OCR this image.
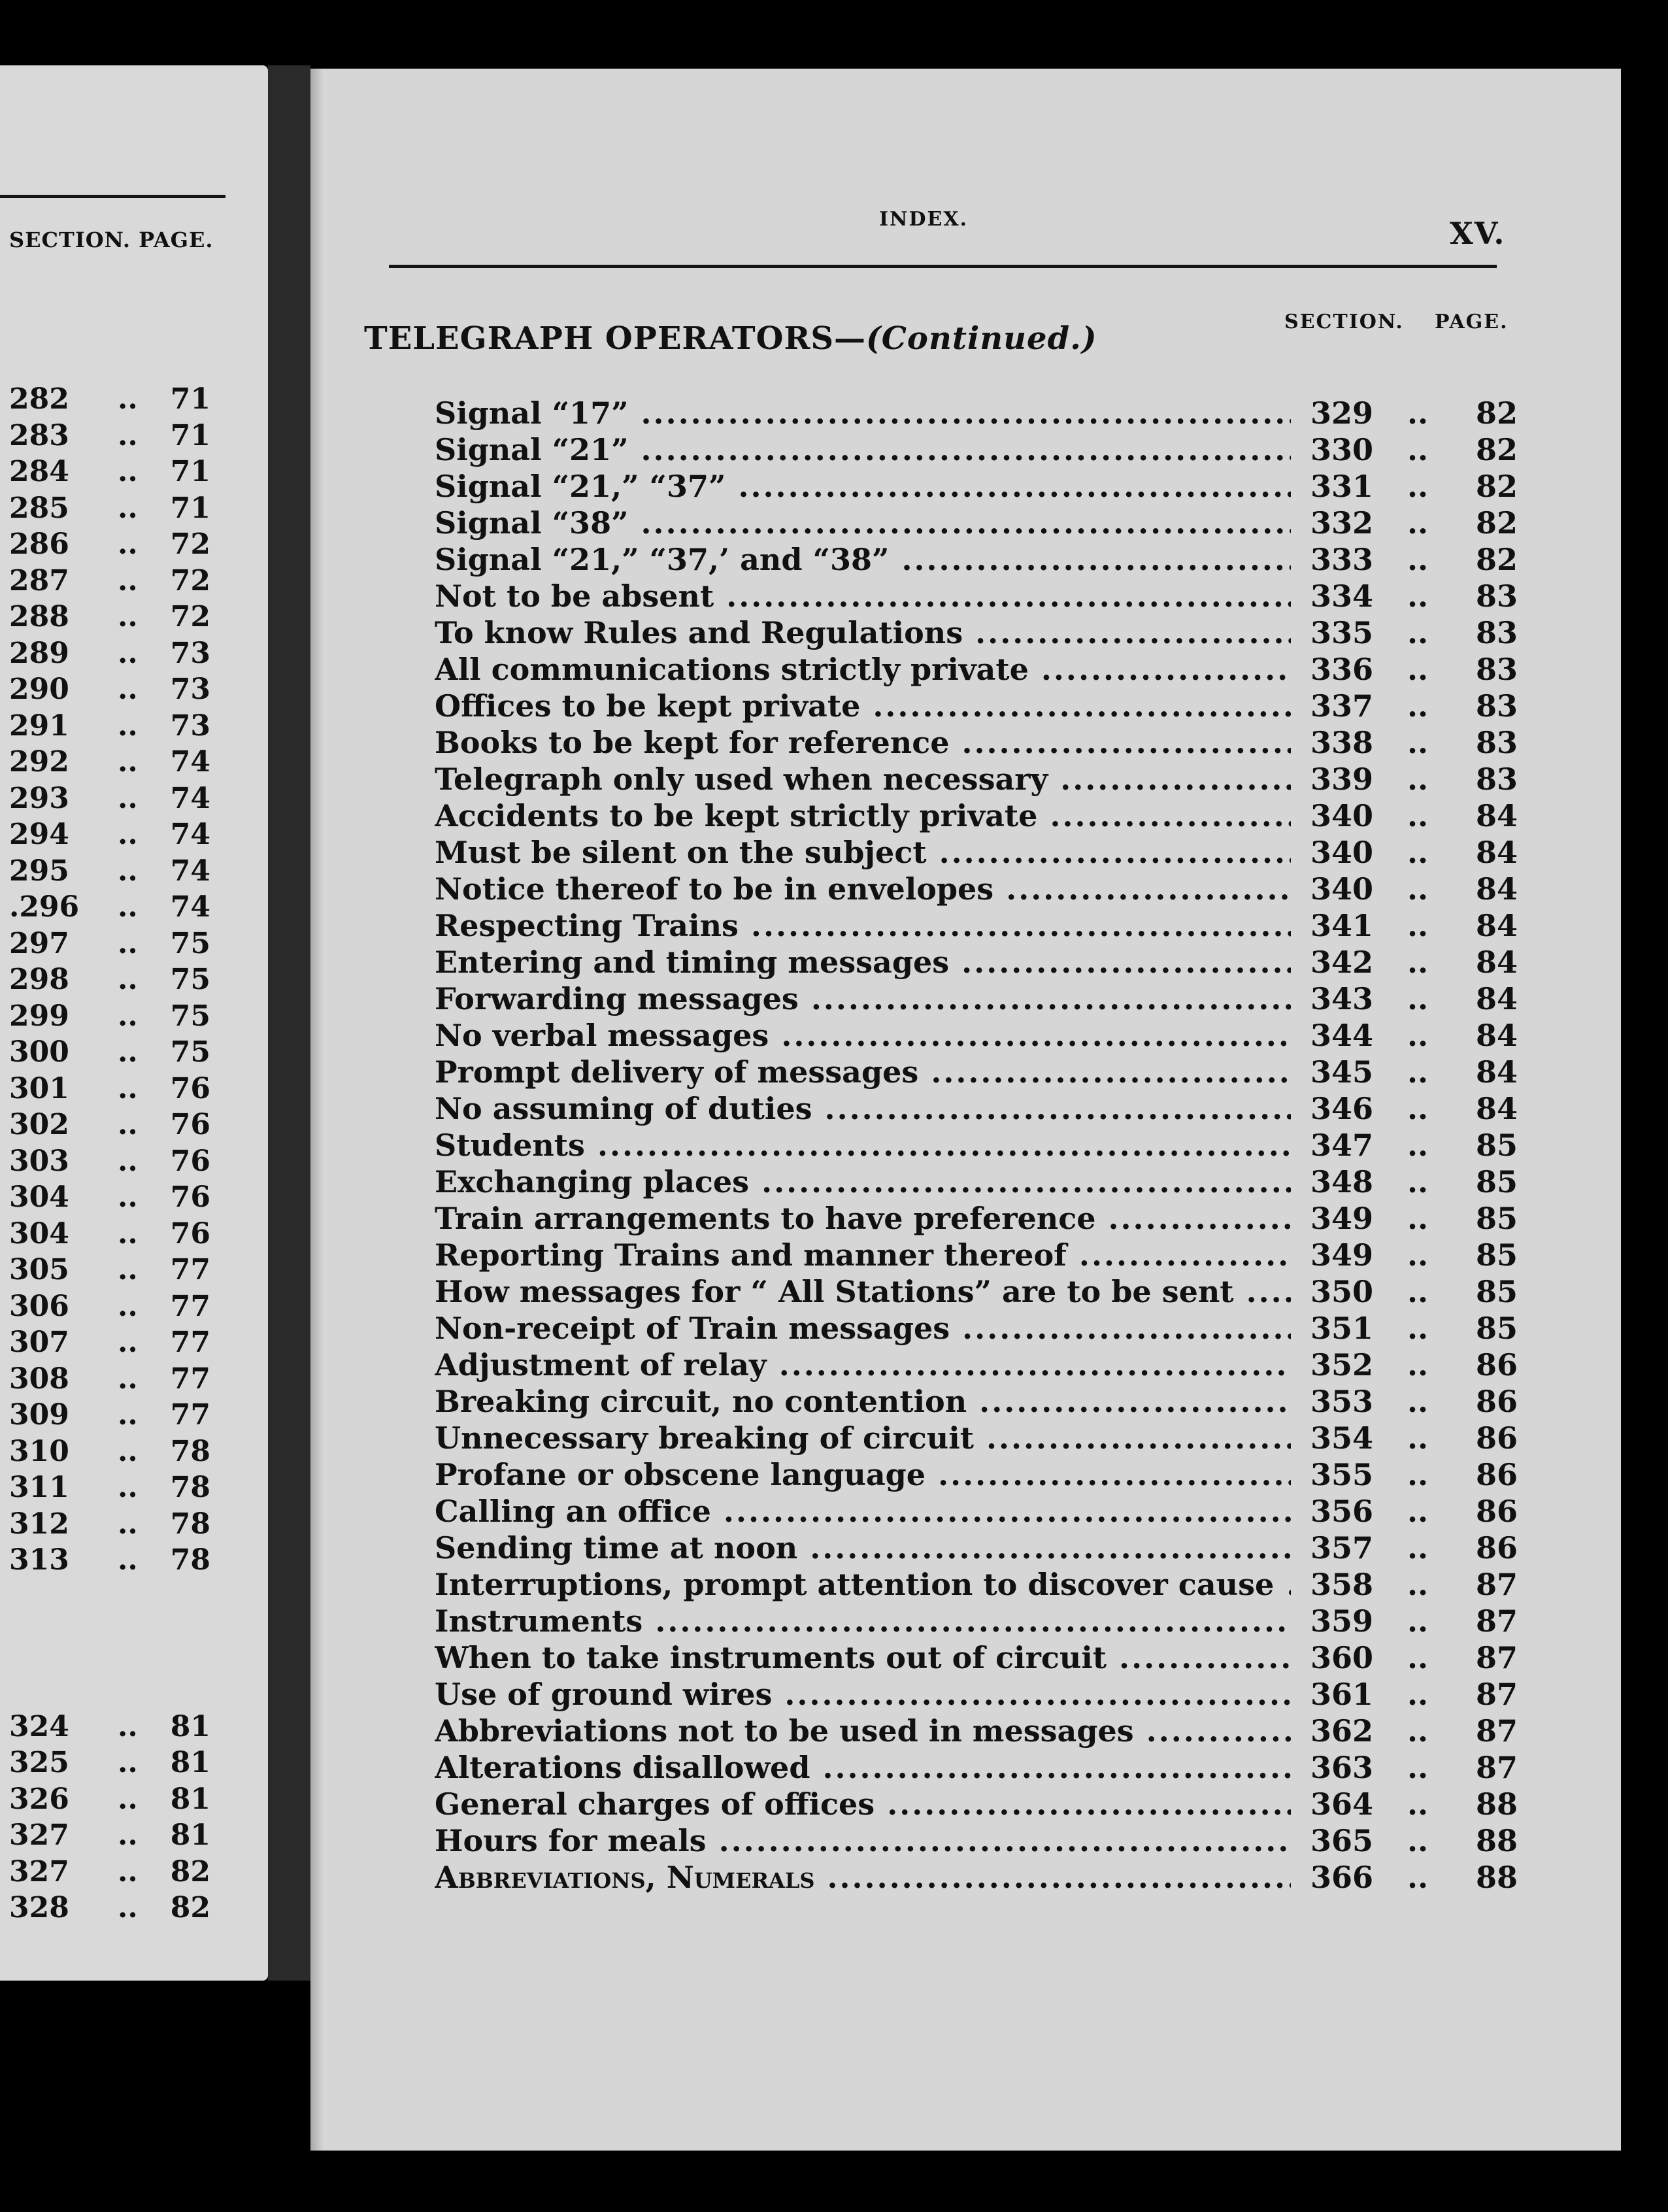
SECTION. PAGE.
282 .. 71
283 .. 71
284 .. 71
285 .. 71
286 .. 72
287 .. 72
288 .. 72
289 .. 73
290 .. 73
291 .. 73
292 .. 74
293 .. 74
294 .. 74
295 .. 74
.296 .. 74
297 .. 75
298 .. 75
299 .. 75
300 .. 75
301 .. 76
302 .. 76
303 .. 76
304 .. 76
304 .. 76
305 .. 77
306 .. 77
307 .. 77
308 .. 77
309 .. 77
310 .. 78
311 .. 78
312 .. 78
313 .. 78
324 .. 81
325 .. 81
326 .. 81
327 .. 81
327 .. 82
328 .. 82
INDEX.	XV.
SECTION. PAGE.
TELEGRAPH OPERATORS—(Continued.)
Signal “17” .....	329 .. 82
Signal “21” .....	330 .. 82
Signal “21,” “37” .....	331 .. 82
Signal “38” .....	332 .. 82
Signal “21,” “37,’ and “38” .....	333 .. 82
Not to be absent .....	334 .. 83
To know Rules and Regulations .....	335 .. 83
All communications strictly private .....	336 .. 83
Offices to be kept private .....	337 .. 83
Books to be kept for reference .....	338 .. 83
Telegraph only used when necessary .....	339 .. 83
Accidents to be kept strictly private .....	340 .. 84
Must be silent on the subject .....	340 .. 84
Notice thereof to be in envelopes .....	340 .. 84
Respecting Trains .....	341 .. 84
Entering and timing messages .....	342 .. 84
Forwarding messages .....	343 .. 84
No verbal messages .....	344 .. 84
Prompt delivery of messages .....	345 .. 84
No assuming of duties .....	346 .. 84
Students .....	347 .. 85
Exchanging places .....	348 .. 85
Train arrangements to have preference .....	349 .. 85
Reporting Trains and manner thereof .....	349 .. 85
How messages for “ All Stations” are to be sent .....	350 .. 85
Non-receipt of Train messages .....	351 .. 85
Adjustment of relay .....	352 .. 86
Breaking circuit, no contention .....	353 .. 86
Unnecessary breaking of circuit .....	354 .. 86
Profane or obscene language .....	355 .. 86
Calling an office .....	356 .. 86
Sending time at noon .....	357 .. 86
Interruptions, prompt attention to discover cause .....	358 .. 87
Instruments .....	359 .. 87
When to take instruments out of circuit .....	360 .. 87
Use of ground wires .....	361 .. 87
Abbreviations not to be used in messages .....	362 .. 87
Alterations disallowed .....	363 .. 87
General charges of offices .....	364 .. 88
Hours for meals .....	365 .. 88
Abbreviations, Numerals .....	366 .. 88
